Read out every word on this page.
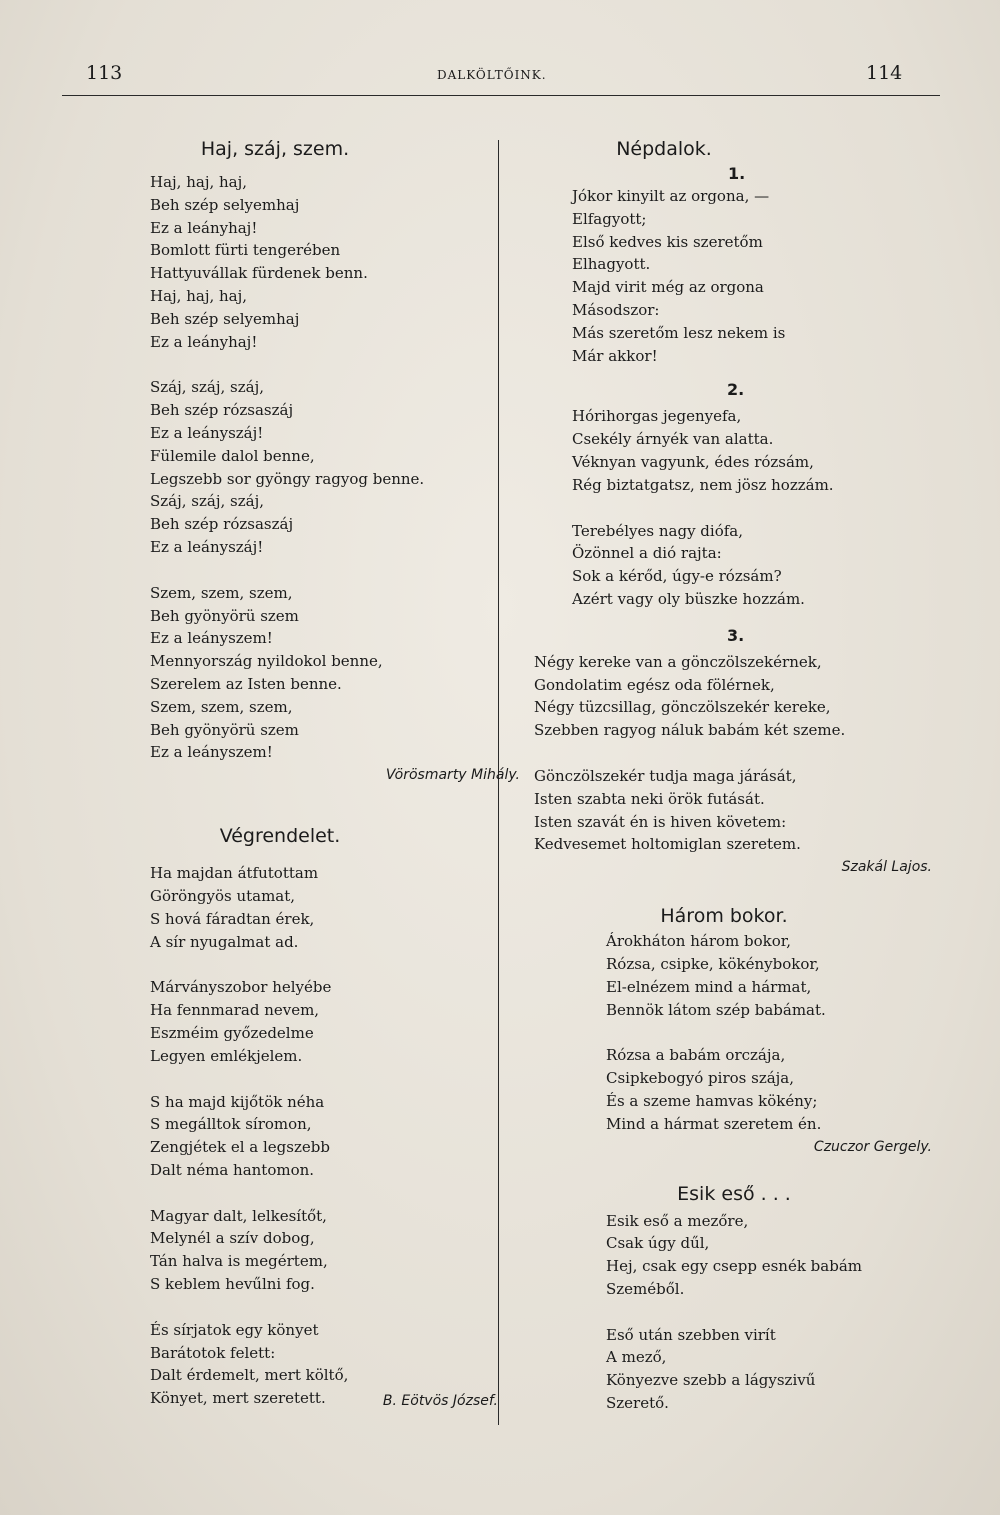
113	DALKÖLTŐINK.	114
Haj, száj, szem.
Haj, haj, haj,
Beh szép selyemhaj
Ez a leányhaj!
Bomlott fürti tengerében
Hattyuvállak fürdenek benn.
Haj, haj, haj,
Beh szép selyemhaj
Ez a leányhaj!
Száj, száj, száj,
Beh szép rózsaszáj
Ez a leányszáj!
Fülemile dalol benne,
Legszebb sor gyöngy ragyog benne.
Száj, száj, száj,
Beh szép rózsaszáj
Ez a leányszáj!
Szem, szem, szem,
Beh gyönyörü szem
Ez a leányszem!
Mennyország nyildokol benne,
Szerelem az Isten benne.
Szem, szem, szem,
Beh gyönyörü szem
Ez a leányszem!
Vörösmarty Mihály.
Végrendelet.
Ha majdan átfutottam
Göröngyös utamat,
S hová fáradtan érek,
A sír nyugalmat ad.
Márványszobor helyébe
Ha fennmarad nevem,
Eszméim győzedelme
Legyen emlékjelem.
S ha majd kijőtök néha
S megálltok síromon,
Zengjétek el a legszebb
Dalt néma hantomon.
Magyar dalt, lelkesítőt,
Melynél a szív dobog,
Tán halva is megértem,
S keblem hevűlni fog.
És sírjatok egy könyet
Barátotok felett:
Dalt érdemelt, mert költő,
Könyet, mert szeretett.	B. Eötvös József.
Népdalok.
1.
Jókor kinyilt az orgona, —
Elfagyott;
Első kedves kis szeretőm
Elhagyott.
Majd virit még az orgona
Másodszor:
Más szeretőm lesz nekem is
Már akkor!
2.
Hórihorgas jegenyefa,
Csekély árnyék van alatta.
Véknyan vagyunk, édes rózsám,
Rég biztatgatsz, nem jösz hozzám.
Terebélyes nagy diófa,
Özönnel a dió rajta:
Sok a kérőd, úgy-e rózsám?
Azért vagy oly büszke hozzám.
3.
Négy kereke van a gönczölszekérnek,
Gondolatim egész oda fölérnek,
Négy tüzcsillag, gönczölszekér kereke,
Szebben ragyog náluk babám két szeme.
Gönczölszekér tudja maga járását,
Isten szabta neki örök futását.
Isten szavát én is hiven követem:
Kedvesemet holtomiglan szeretem.
Szakál Lajos.
Három bokor.
Árokháton három bokor,
Rózsa, csipke, kökénybokor,
El-elnézem mind a hármat,
Bennök látom szép babámat.
Rózsa a babám orczája,
Csipkebogyó piros szája,
És a szeme hamvas kökény;
Mind a hármat szeretem én.
Czuczor Gergely.
Esik eső . . .
Esik eső a mezőre,
Csak úgy dűl,
Hej, csak egy csepp esnék babám
Szeméből.
Eső után szebben virít
A mező,
Könyezve szebb a lágyszivű
Szerető.
